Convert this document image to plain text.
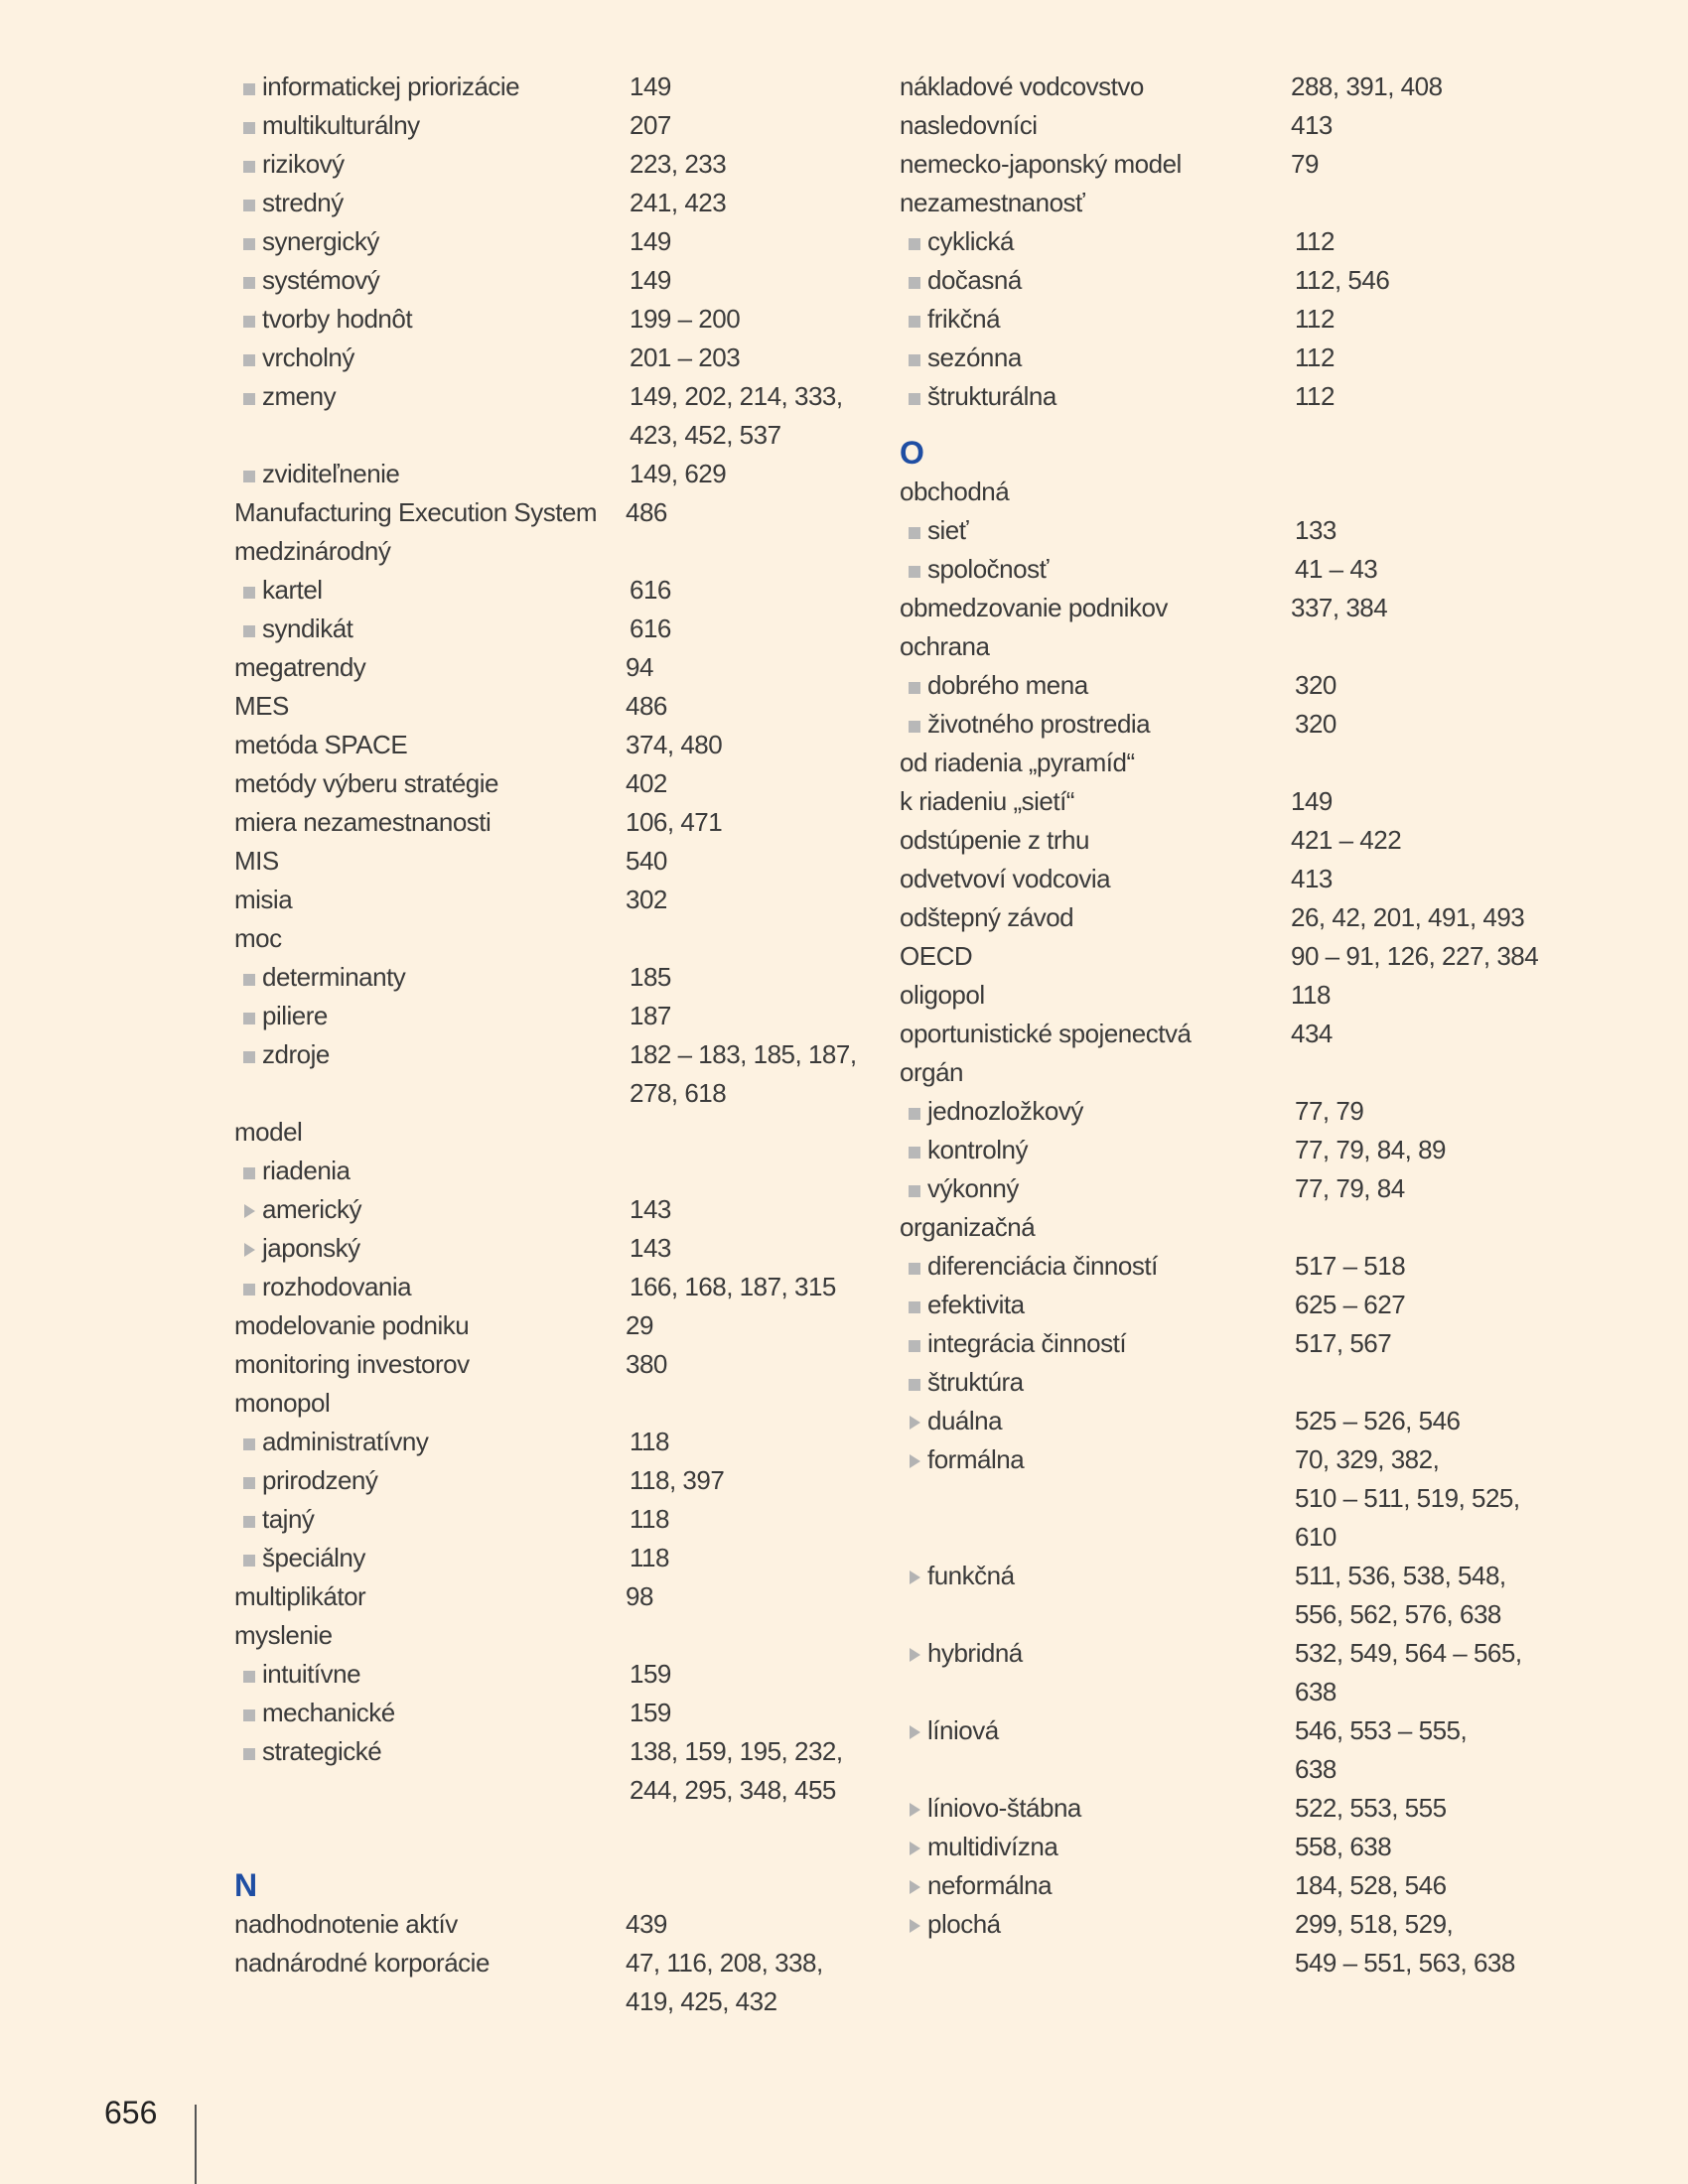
informatickej priorizácie	149
multikulturálny	207
rizikový	223, 233
stredný	241, 423
synergický	149
systémový	149
tvorby hodnôt	199 – 200
vrcholný	201 – 203
zmeny	149, 202, 214, 333,
423, 452, 537
zviditeľnenie	149, 629
Manufacturing Execution System 486
medzinárodný
kartel	616
syndikát	616
megatrendy	94
MES	486
metóda SPACE	374, 480
metódy výberu stratégie	402
miera nezamestnanosti	106, 471
MIS	540
misia	302
moc
determinanty	185
piliere	187
zdroje	182 – 183, 185, 187,
278, 618
model
riadenia
americký	143
japonský	143
rozhodovania	166, 168, 187, 315
modelovanie podniku	29
monitoring investorov	380
monopol
administratívny	118
prirodzený	118, 397
tajný	118
špeciálny	118
multiplikátor	98
myslenie
intuitívne	159
mechanické	159
strategické	138, 159, 195, 232,
244, 295, 348, 455
N
nadhodnotenie aktív	439
nadnárodné korporácie	47, 116, 208, 338,
419, 425, 432
nákladové vodcovstvo	288, 391, 408
nasledovníci	413
nemecko-japonský model	79
nezamestnanosť
cyklická	112
dočasná	112, 546
frikčná	112
sezónna	112
štrukturálna	112
O
obchodná
sieť	133
spoločnosť	41 – 43
obmedzovanie podnikov	337, 384
ochrana
dobrého mena	320
životného prostredia	320
od riadenia „pyramíd“
k riadeniu „sietí“	149
odstúpenie z trhu	421 – 422
odvetvoví vodcovia	413
odštepný závod	26, 42, 201, 491, 493
OECD	90 – 91, 126, 227, 384
oligopol	118
oportunistické spojenectvá	434
orgán
jednozložkový	77, 79
kontrolný	77, 79, 84, 89
výkonný	77, 79, 84
organizačná
diferenciácia činností	517 – 518
efektivita	625 – 627
integrácia činností	517, 567
štruktúra
duálna	525 – 526, 546
formálna	70, 329, 382,
510 – 511, 519, 525,
610
funkčná	511, 536, 538, 548,
556, 562, 576, 638
hybridná	532, 549, 564 – 565,
638
líniová	546, 553 – 555,
638
líniovo-štábna	522, 553, 555
multidivízna	558, 638
neformálna	184, 528, 546
plochá	299, 518, 529,
549 – 551, 563, 638
656
